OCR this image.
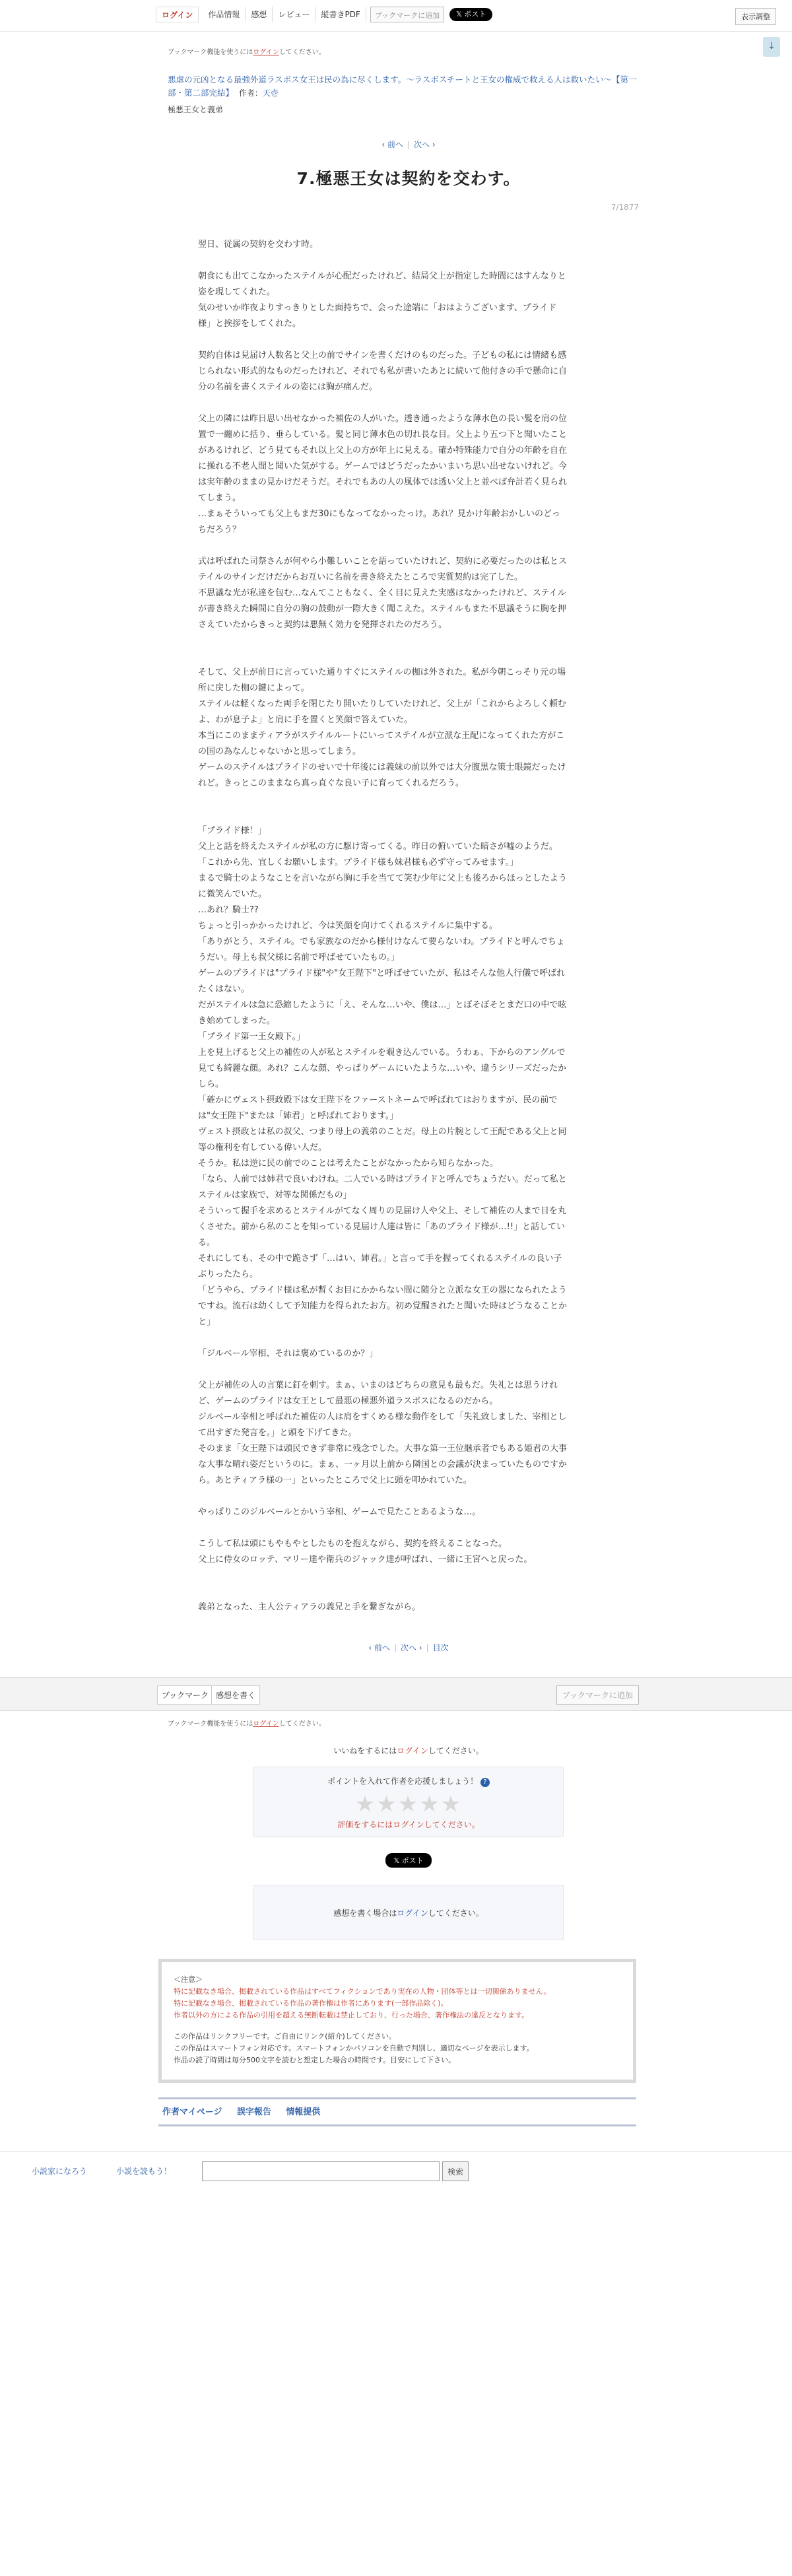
ログイン	作品情報	感想	レビュー	縦書きPDF	ブックマークに追加	𝕏 ポスト	表示調整
↓
ブックマーク機能を使うにはログインしてください。
悪虐の元凶となる最強外道ラスボス女王は民の為に尽くします。〜ラスボスチートと王女の権威で救える人は救いたい〜【第一部・第二部完結】 作者：天壱
極悪王女と義弟
‹ 前へ | 次へ ›
7/1877
7.極悪王女は契約を交わす。

翌日、従属の契約を交わす時。

朝食にも出てこなかったステイルが心配だったけれど、結局父上が指定した時間にはすんなりと姿を現してくれた。

気のせいか昨夜よりすっきりとした面持ちで、会った途端に「おはようございます、プライド様」と挨拶をしてくれた。

契約自体は見届け人数名と父上の前でサインを書くだけのものだった。子どもの私には情緒も感じられない形式的なものだったけれど、それでも私が書いたあとに続いて他付きの手で懸命に自分の名前を書くステイルの姿には胸が痛んだ。

父上の隣には昨日思い出せなかった補佐の人がいた。透き通ったような薄水色の長い髪を肩の位置で一纏めに括り、垂らしている。髪と同じ薄水色の切れ長な目。父上より五つ下と聞いたことがあるけれど、どう見てもそれ以上父上の方が年上に見える。確か特殊能力で自分の年齢を自在に操れる不老人間と聞いた気がする。ゲームではどうだったかいまいち思い出せないけれど。今は実年齢のままの見かけだそうだ。それでもあの人の風体では透い父上と並べば弁計若く見られてしまう。

…まぁそういっても父上もまだ30にもなってなかったっけ。あれ？見かけ年齢おかしいのどっちだろう？

式は呼ばれた司祭さんが何やら小難しいことを語っていたけれど、契約に必要だったのは私とステイルのサインだけだからお互いに名前を書き終えたところで実質契約は完了した。

不思議な光が私達を包む…なんてこともなく、全く目に見えた実感はなかったけれど、ステイルが書き終えた瞬間に自分の胸の鼓動が一際大きく聞こえた。ステイルもまた不思議そうに胸を押さえていたからきっと契約は悪無く効力を発揮されたのだろう。

そして、父上が前日に言っていた通りすぐにステイルの枷は外された。私が今朝こっそり元の場所に戻した枷の鍵によって。

ステイルは軽くなった両手を閉じたり開いたりしていたけれど、父上が「これからよろしく頼むよ、わが息子よ」と肩に手を置くと笑顔で答えていた。

本当にこのままティアラがステイルルートにいってステイルが立派な王配になってくれた方がこの国の為なんじゃないかと思ってしまう。

ゲームのステイルはプライドのせいで十年後には義妹の前以外では大分腹黒な策士眼鏡だったけれど。きっとこのままなら真っ直ぐな良い子に育ってくれるだろう。

「プライド様！」

父上と話を終えたステイルが私の方に駆け寄ってくる。昨日の俯いていた暗さが嘘のようだ。

「これから先、宜しくお願いします。プライド様も妹君様も必ず守ってみせます。」

まるで騎士のようなことを言いながら胸に手を当てて笑む少年に父上も後ろからほっとしたように微笑んでいた。

…あれ？騎士??

ちょっと引っかかったけれど、今は笑顔を向けてくれるステイルに集中する。

「ありがとう、ステイル。でも家族なのだから様付けなんて要らないわ。プライドと呼んでちょうだい。母上も叔父様に名前で呼ばせていたもの。」

ゲームのプライドは"プライド様"や"女王陛下"と呼ばせていたが、私はそんな他人行儀で呼ばれたくはない。

だがステイルは急に恐縮したように「え、そんな…いや、僕は…」とぼそぼそとまだ口の中で呟き始めてしまった。

「プライド第一王女殿下。」

上を見上げると父上の補佐の人が私とステイルを覗き込んでいる。うわぁ、下からのアングルで見ても綺麗な顔。あれ？こんな顔、やっぱりゲームにいたような…いや、違うシリーズだったかしら。

「確かにヴェスト摂政殿下は女王陛下をファーストネームで呼ばれてはおりますが、民の前では"女王陛下"または「姉君」と呼ばれております。」

ヴェスト摂政とは私の叔父、つまり母上の義弟のことだ。母上の片腕として王配である父上と同等の権利を有している偉い人だ。

そうか。私は逆に民の前でのことは考えたことがなかったから知らなかった。

「なら、人前では姉君で良いわけね。二人でいる時はプライドと呼んでちょうだい。だって私とステイルは家族で、対等な関係だもの」

そういって握手を求めるとステイルがてなく周りの見届け人や父上、そして補佐の人まで目を丸くさせた。前から私のことを知っている見届け人達は皆に「あのプライド様が…!!」と話している。

それにしても、その中で跪さず「…はい、姉君。」と言って手を握ってくれるステイルの良い子ぶりったたら。

「どうやら、プライド様は私が暫くお目にかからない間に随分と立派な女王の器になられたようですね。流石は幼くして予知能力を得られたお方。初め覚醒されたと聞いた時はどうなることかと」

「ジルベール宰相、それは褒めているのか？」

父上が補佐の人の言葉に釘を刺す。まぁ、いまのはどちらの意見も最もだ。失礼とは思うけれど、ゲームのプライドは女王として最悪の極悪外道ラスボスになるのだから。

ジルベール宰相と呼ばれた補佐の人は肩をすくめる様な動作をして「失礼致しました、宰相として出すぎた発言を。」と頭を下げてきた。

そのまま「女王陛下は頭民できず非常に残念でした。大事な第一王位継承者でもある姫君の大事な大事な晴れ姿だというのに。まぁ、一ヶ月以上前から隣国との会議が決まっていたものですから。あとティアラ様の一」といったところで父上に頭を叩かれていた。

やっぱりこのジルベールとかいう宰相、ゲームで見たことあるような…。

こうして私は頭にもやもやとしたものを抱えながら、契約を終えることなった。

父上に侍女のロッテ、マリー達や衛兵のジャック達が呼ばれ、一緒に王宮へと戻った。

義弟となった、主人公ティアラの義兄と手を繋ぎながら。

‹ 前へ | 次へ › | 目次
ブックマーク 感想を書く	ブックマークに追加
ブックマーク機能を使うにはログインしてください。
いいねをするにはログインしてください。
ポイントを入れて作者を応援しましょう！ ?
★★★★★
評価をするにはログインしてください。
𝕏 ポスト
感想を書く場合はログインしてください。
＜注意＞
特に記載なき場合、掲載されている作品はすべてフィクションであり実在の人物・団体等とは一切関係ありません。
特に記載なき場合、掲載されている作品の著作権は作者にあります(一部作品除く)。
作者以外の方による作品の引用を超える無断転載は禁止しており、行った場合、著作権法の違反となります。
この作品はリンクフリーです。ご自由にリンク(紹介)してください。
この作品はスマートフォン対応です。スマートフォンかパソコンを自動で判別し、適切なページを表示します。
作品の読了時間は毎分500文字を読むと想定した場合の時間です。目安にして下さい。
作者マイページ 誤字報告 情報提供
小説家になろう	小説を読もう！	検索
